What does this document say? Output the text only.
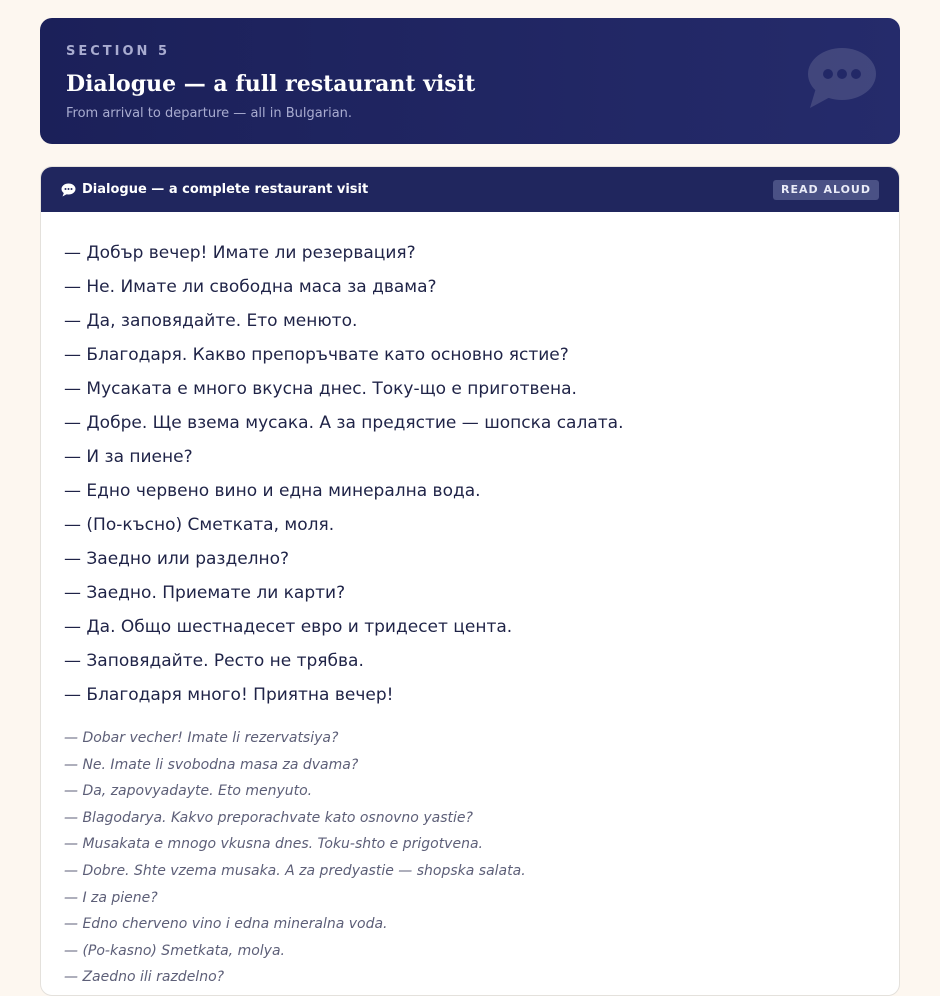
SECTION 5
Dialogue — a full restaurant visit
From arrival to departure — all in Bulgarian.
Dialogue — a complete restaurant visit	READ ALOUD
— Добър вечер! Имате ли резервация?
— Не. Имате ли свободна маса за двама?
— Да, заповядайте. Ето менюто.
— Благодаря. Какво препоръчвате като основно ястие?
— Мусаката е много вкусна днес. Току-що е приготвена.
— Добре. Ще взема мусака. А за предястие — шопска салата.
— И за пиене?
— Едно червено вино и една минерална вода.
— (По-късно) Сметката, моля.
— Заедно или разделно?
— Заедно. Приемате ли карти?
— Да. Общо шестнадесет евро и тридесет цента.
— Заповядайте. Ресто не трябва.
— Благодаря много! Приятна вечер!
— Dobar vecher! Imate li rezervatsiya?
— Ne. Imate li svobodna masa za dvama?
— Da, zapovyadayte. Eto menyuto.
— Blagodarya. Kakvo preporachvate kato osnovno yastie?
— Musakata e mnogo vkusna dnes. Toku-shto e prigotvena.
— Dobre. Shte vzema musaka. A za predyastie — shopska salata.
— I za piene?
— Edno cherveno vino i edna mineralna voda.
— (Po-kasno) Smetkata, molya.
— Zaedno ili razdelno?
